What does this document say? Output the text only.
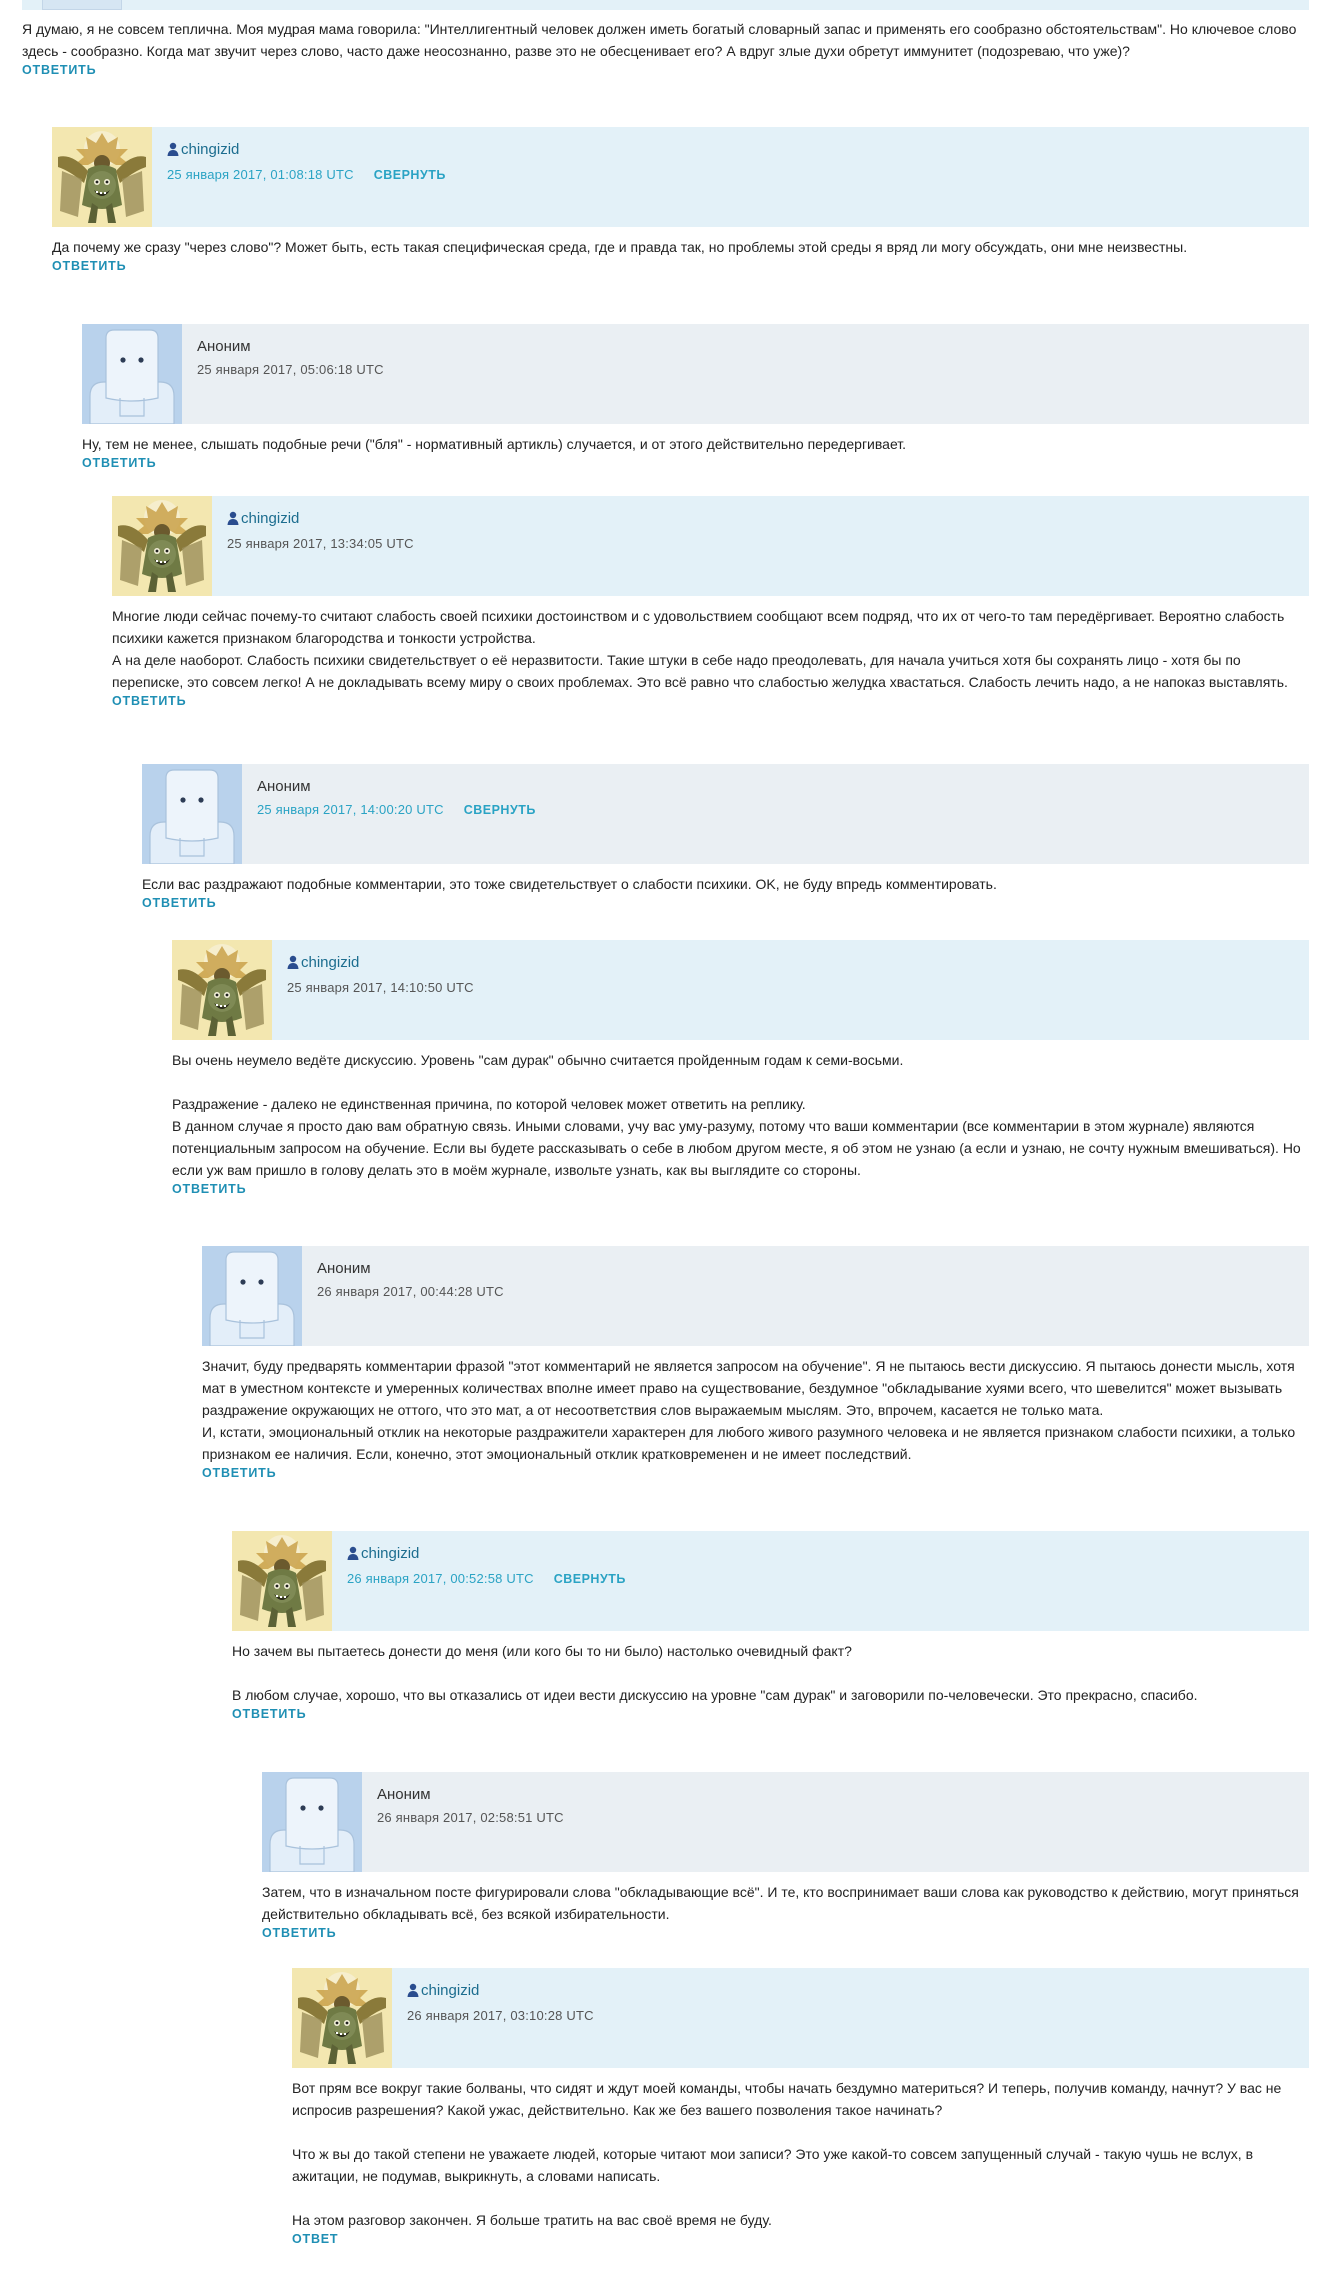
Я думаю, я не совсем теплична. Моя мудрая мама говорила: "Интеллигентный человек должен иметь богатый словарный запас и применять его сообразно обстоятельствам". Но ключевое слово здесь - сообразно. Когда мат звучит через слово, часто даже неосознанно, разве это не обесценивает его? А вдруг злые духи обретут иммунитет (подозреваю, что уже)?

ОТВЕТИТЬ
chingizid
25 января 2017, 01:08:18 UTC СВЕРНУТЬ

Да почему же сразу "через слово"? Может быть, есть такая специфическая среда, где и правда так, но проблемы этой среды я вряд ли могу обсуждать, они мне неизвестны.

ОТВЕТИТЬ
Аноним
25 января 2017, 05:06:18 UTC

Ну, тем не менее, слышать подобные речи ("бля" - нормативный артикль) случается, и от этого действительно передергивает.

ОТВЕТИТЬ
chingizid
25 января 2017, 13:34:05 UTC

Многие люди сейчас почему-то считают слабость своей психики достоинством и с удовольствием сообщают всем подряд, что их от чего-то там передёргивает. Вероятно слабость психики кажется признаком благородства и тонкости устройства.

А на деле наоборот. Слабость психики свидетельствует о её неразвитости. Такие штуки в себе надо преодолевать, для начала учиться хотя бы сохранять лицо - хотя бы по переписке, это совсем легко! А не докладывать всему миру о своих проблемах. Это всё равно что слабостью желудка хвастаться. Слабость лечить надо, а не напоказ выставлять.

ОТВЕТИТЬ
Аноним
25 января 2017, 14:00:20 UTC СВЕРНУТЬ

Если вас раздражают подобные комментарии, это тоже свидетельствует о слабости психики. OK, не буду впредь комментировать.

ОТВЕТИТЬ
chingizid
25 января 2017, 14:10:50 UTC

Вы очень неумело ведёте дискуссию. Уровень "сам дурак" обычно считается пройденным годам к семи-восьми.

Раздражение - далеко не единственная причина, по которой человек может ответить на реплику.

В данном случае я просто даю вам обратную связь. Иными словами, учу вас уму-разуму, потому что ваши комментарии (все комментарии в этом журнале) являются потенциальным запросом на обучение. Если вы будете рассказывать о себе в любом другом месте, я об этом не узнаю (а если и узнаю, не сочту нужным вмешиваться). Но если уж вам пришло в голову делать это в моём журнале, извольте узнать, как вы выглядите со стороны.

ОТВЕТИТЬ
Аноним
26 января 2017, 00:44:28 UTC

Значит, буду предварять комментарии фразой "этот комментарий не является запросом на обучение". Я не пытаюсь вести дискуссию. Я пытаюсь донести мысль, хотя мат в уместном контексте и умеренных количествах вполне имеет право на существование, бездумное "обкладывание хуями всего, что шевелится" может вызывать раздражение окружающих не оттого, что это мат, а от несоответствия слов выражаемым мыслям. Это, впрочем, касается не только мата.

И, кстати, эмоциональный отклик на некоторые раздражители характерен для любого живого разумного человека и не является признаком слабости психики, а только признаком ее наличия. Если, конечно, этот эмоциональный отклик кратковременен и не имеет последствий.

ОТВЕТИТЬ
chingizid
26 января 2017, 00:52:58 UTC СВЕРНУТЬ

Но зачем вы пытаетесь донести до меня (или кого бы то ни было) настолько очевидный факт?

В любом случае, хорошо, что вы отказались от идеи вести дискуссию на уровне "сам дурак" и заговорили по-человечески. Это прекрасно, спасибо.

ОТВЕТИТЬ
Аноним
26 января 2017, 02:58:51 UTC

Затем, что в изначальном посте фигурировали слова "обкладывающие всё". И те, кто воспринимает ваши слова как руководство к действию, могут приняться действительно обкладывать всё, без всякой избирательности.

ОТВЕТИТЬ
chingizid
26 января 2017, 03:10:28 UTC

Вот прям все вокруг такие болваны, что сидят и ждут моей команды, чтобы начать бездумно материться? И теперь, получив команду, начнут? У вас не испросив разрешения? Какой ужас, действительно. Как же без вашего позволения такое начинать?

Что ж вы до такой степени не уважаете людей, которые читают мои записи? Это уже какой-то совсем запущенный случай - такую чушь не вслух, в ажитации, не подумав, выкрикнуть, а словами написать.

На этом разговор закончен. Я больше тратить на вас своё время не буду.

ОТВЕТ
